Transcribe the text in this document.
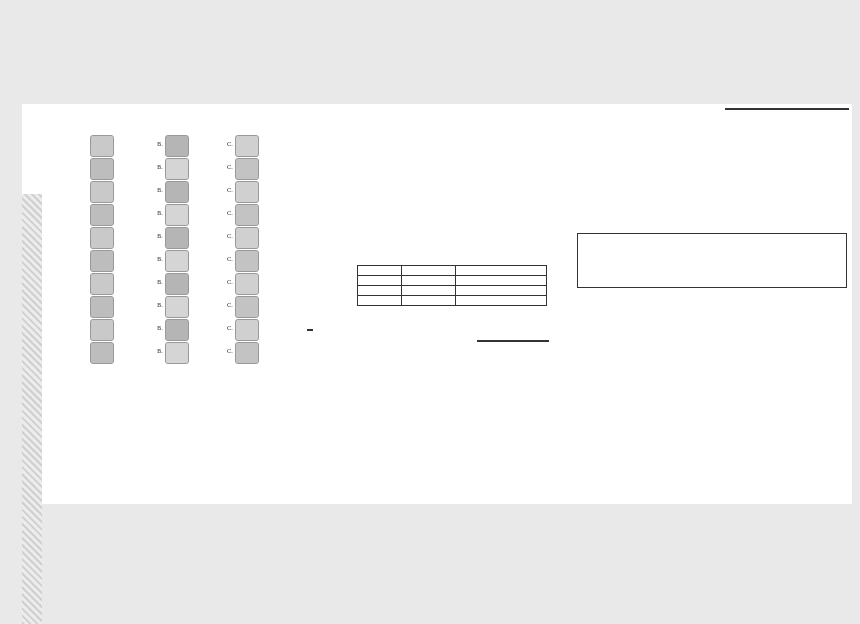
B.	C.
B.	C.
B.	C.
B.	C.
B.	C.
B.	C.
B.	C.
B.	C.
B.	C.
B.	C.
